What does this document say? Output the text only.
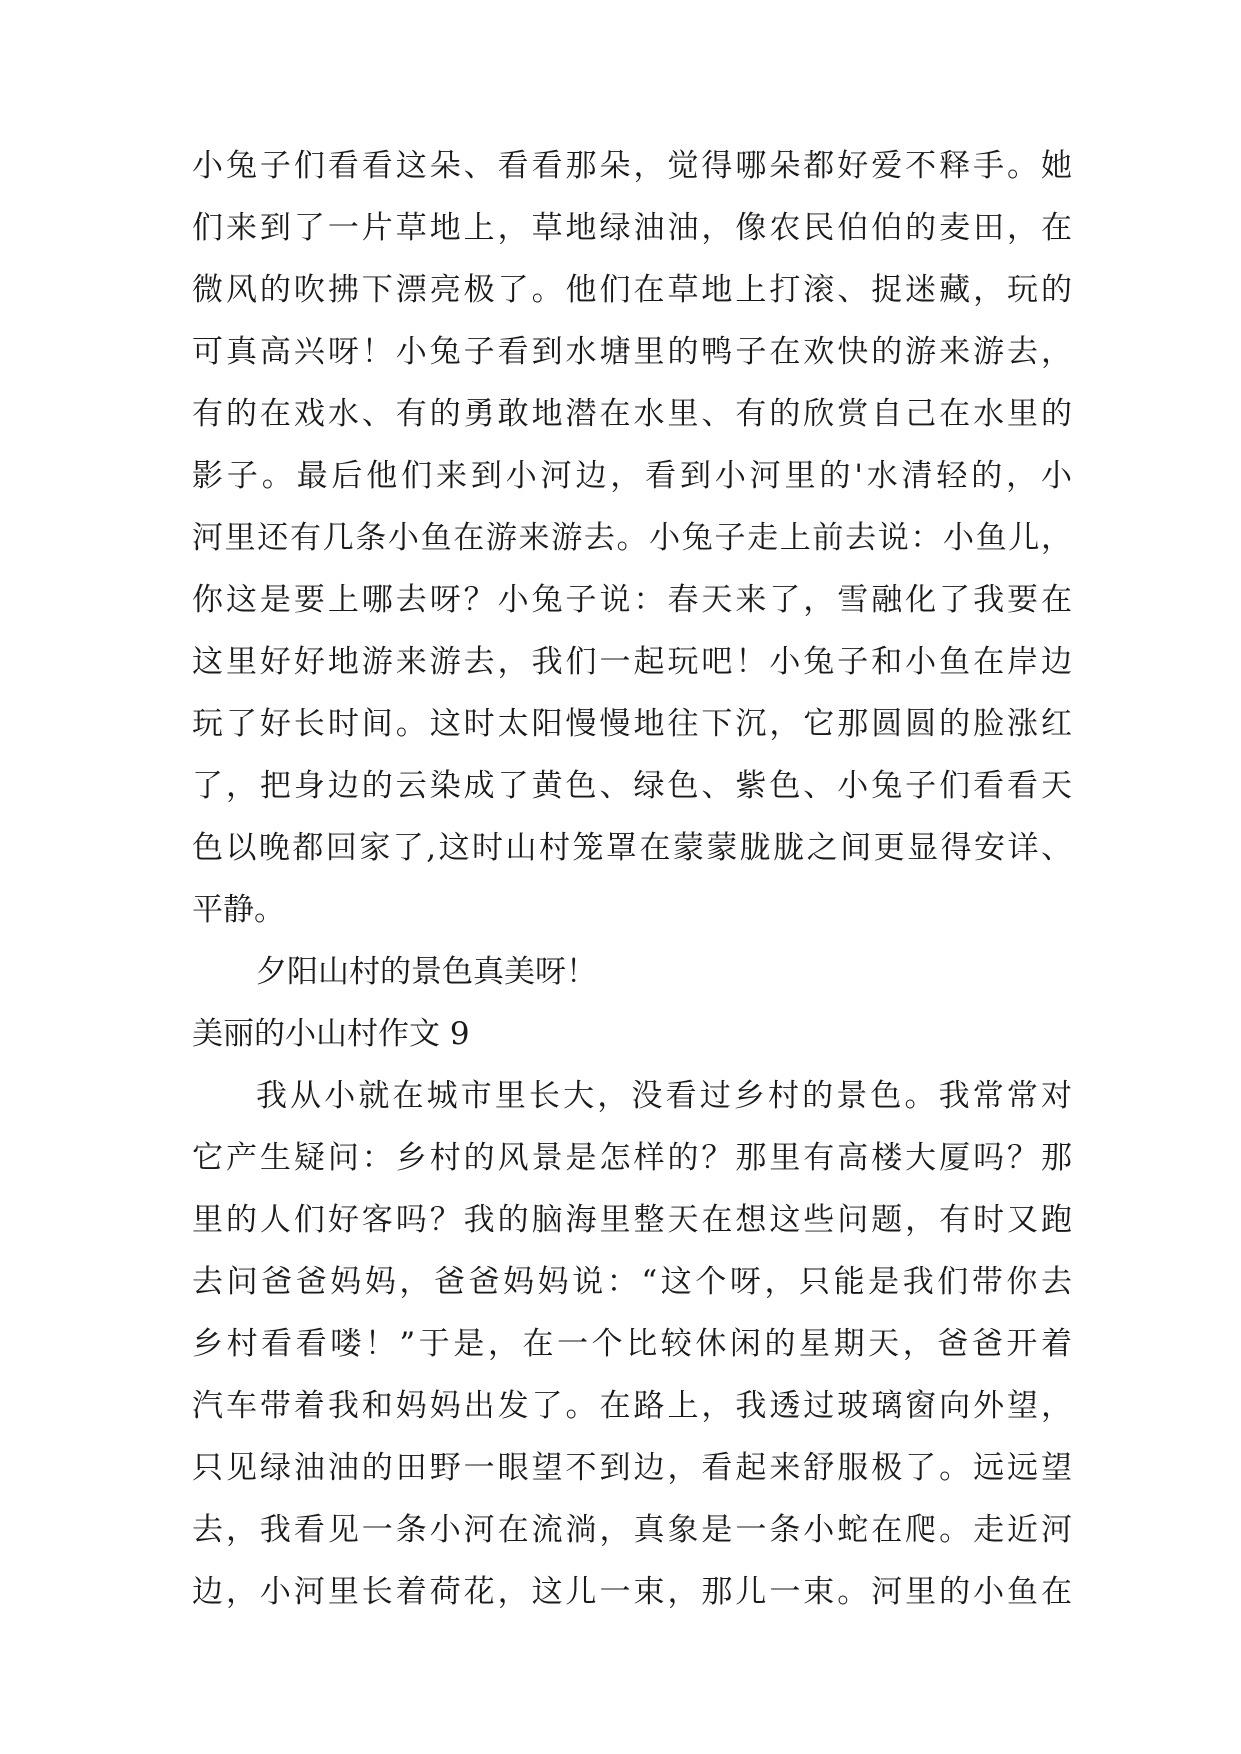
小兔子们看看这朵、看看那朵，觉得哪朵都好爱不释手。她
们来到了一片草地上，草地绿油油，像农民伯伯的麦田，在
微风的吹拂下漂亮极了。他们在草地上打滚、捉迷藏，玩的
可真高兴呀！小兔子看到水塘里的鸭子在欢快的游来游去，
有的在戏水、有的勇敢地潜在水里、有的欣赏自己在水里的
影子。最后他们来到小河边，看到小河里的'水清轻的，小
河里还有几条小鱼在游来游去。小兔子走上前去说：小鱼儿，
你这是要上哪去呀？小兔子说：春天来了，雪融化了我要在
这里好好地游来游去，我们一起玩吧！小兔子和小鱼在岸边
玩了好长时间。这时太阳慢慢地往下沉，它那圆圆的脸涨红
了，把身边的云染成了黄色、绿色、紫色、小兔子们看看天
色以晚都回家了,这时山村笼罩在蒙蒙胧胧之间更显得安详、
平静。
夕阳山村的景色真美呀！
美丽的小山村作文 9
我从小就在城市里长大，没看过乡村的景色。我常常对
它产生疑问：乡村的风景是怎样的？那里有高楼大厦吗？那
里的人们好客吗？我的脑海里整天在想这些问题，有时又跑
去问爸爸妈妈，爸爸妈妈说：“这个呀，只能是我们带你去
乡村看看喽！”于是，在一个比较休闲的星期天，爸爸开着
汽车带着我和妈妈出发了。在路上，我透过玻璃窗向外望，
只见绿油油的田野一眼望不到边，看起来舒服极了。远远望
去，我看见一条小河在流淌，真象是一条小蛇在爬。走近河
边，小河里长着荷花，这儿一束，那儿一束。河里的小鱼在
